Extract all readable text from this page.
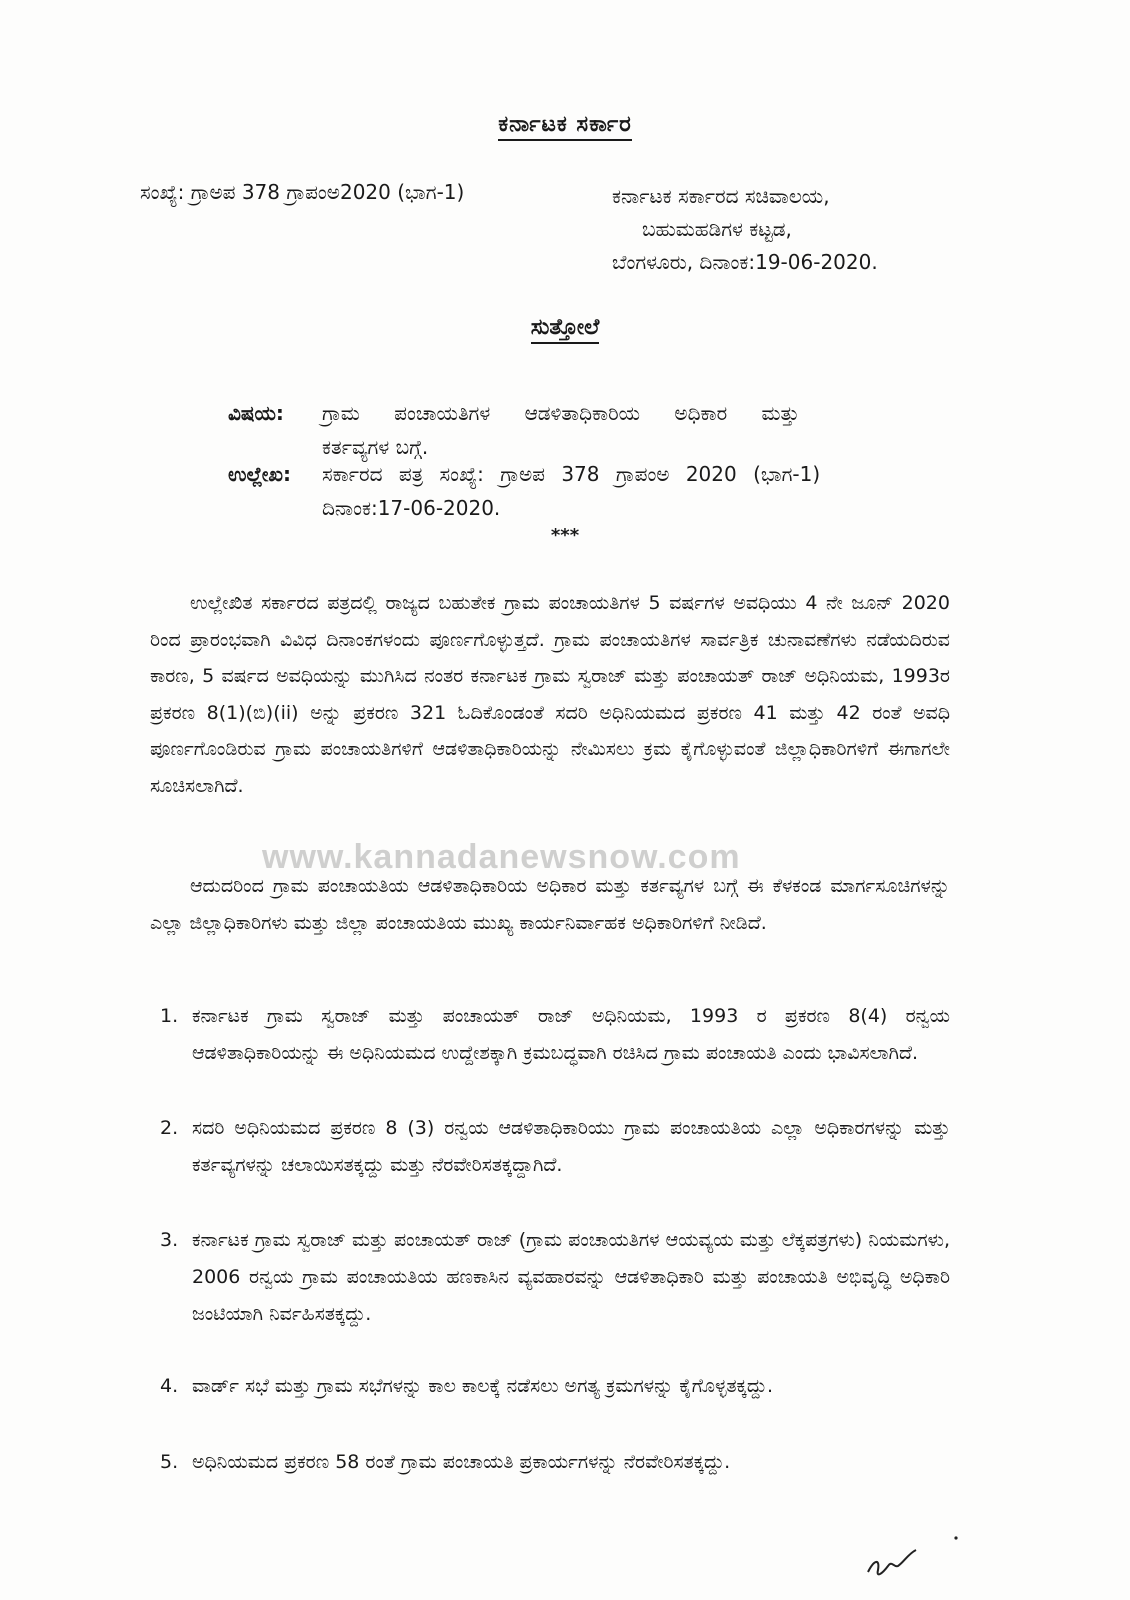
ಕರ್ನಾಟಕ ಸರ್ಕಾರ
ಸಂಖ್ಯೆ: ಗ್ರಾಅಪ 378 ಗ್ರಾಪಂಅ2020 (ಭಾಗ-1)	ಕರ್ನಾಟಕ ಸರ್ಕಾರದ ಸಚಿವಾಲಯ,
ಬಹುಮಹಡಿಗಳ ಕಟ್ಟಡ,
ಬೆಂಗಳೂರು, ದಿನಾಂಕ:19-06-2020.
ಸುತ್ತೋಲೆ
ವಿಷಯ: ಗ್ರಾಮ ಪಂಚಾಯತಿಗಳ ಆಡಳಿತಾಧಿಕಾರಿಯ ಅಧಿಕಾರ ಮತ್ತು
ಕರ್ತವ್ಯಗಳ ಬಗ್ಗೆ.
ಉಲ್ಲೇಖ: ಸರ್ಕಾರದ ಪತ್ರ ಸಂಖ್ಯೆ: ಗ್ರಾಅಪ 378 ಗ್ರಾಪಂಅ 2020 (ಭಾಗ-1)
ದಿನಾಂಕ:17-06-2020.
***
ಉಲ್ಲೇಖಿತ ಸರ್ಕಾರದ ಪತ್ರದಲ್ಲಿ ರಾಜ್ಯದ ಬಹುತೇಕ ಗ್ರಾಮ ಪಂಚಾಯತಿಗಳ 5 ವರ್ಷಗಳ ಅವಧಿಯು 4 ನೇ ಜೂನ್ 2020 ರಿಂದ ಪ್ರಾರಂಭವಾಗಿ ವಿವಿಧ ದಿನಾಂಕಗಳಂದು ಪೂರ್ಣಗೊಳ್ಳುತ್ತದೆ. ಗ್ರಾಮ ಪಂಚಾಯತಿಗಳ ಸಾರ್ವತ್ರಿಕ ಚುನಾವಣೆಗಳು ನಡೆಯದಿರುವ ಕಾರಣ, 5 ವರ್ಷದ ಅವಧಿಯನ್ನು ಮುಗಿಸಿದ ನಂತರ ಕರ್ನಾಟಕ ಗ್ರಾಮ ಸ್ವರಾಜ್ ಮತ್ತು ಪಂಚಾಯತ್ ರಾಜ್ ಅಧಿನಿಯಮ, 1993ರ ಪ್ರಕರಣ 8(1)(ಬಿ)(ii) ಅನ್ನು ಪ್ರಕರಣ 321 ಓದಿಕೊಂಡಂತೆ ಸದರಿ ಅಧಿನಿಯಮದ ಪ್ರಕರಣ 41 ಮತ್ತು 42 ರಂತೆ ಅವಧಿ ಪೂರ್ಣಗೊಂಡಿರುವ ಗ್ರಾಮ ಪಂಚಾಯತಿಗಳಿಗೆ ಆಡಳಿತಾಧಿಕಾರಿಯನ್ನು ನೇಮಿಸಲು ಕ್ರಮ ಕೈಗೊಳ್ಳುವಂತೆ ಜಿಲ್ಲಾಧಿಕಾರಿಗಳಿಗೆ ಈಗಾಗಲೇ ಸೂಚಿಸಲಾಗಿದೆ.
www.kannadanewsnow.com
ಆದುದರಿಂದ ಗ್ರಾಮ ಪಂಚಾಯತಿಯ ಆಡಳಿತಾಧಿಕಾರಿಯ ಅಧಿಕಾರ ಮತ್ತು ಕರ್ತವ್ಯಗಳ ಬಗ್ಗೆ ಈ ಕೆಳಕಂಡ ಮಾರ್ಗಸೂಚಿಗಳನ್ನು ಎಲ್ಲಾ ಜಿಲ್ಲಾಧಿಕಾರಿಗಳು ಮತ್ತು ಜಿಲ್ಲಾ ಪಂಚಾಯತಿಯ ಮುಖ್ಯ ಕಾರ್ಯನಿರ್ವಾಹಕ ಅಧಿಕಾರಿಗಳಿಗೆ ನೀಡಿದೆ.
1. ಕರ್ನಾಟಕ ಗ್ರಾಮ ಸ್ವರಾಜ್ ಮತ್ತು ಪಂಚಾಯತ್ ರಾಜ್ ಅಧಿನಿಯಮ, 1993 ರ ಪ್ರಕರಣ 8(4) ರನ್ವಯ ಆಡಳಿತಾಧಿಕಾರಿಯನ್ನು ಈ ಅಧಿನಿಯಮದ ಉದ್ದೇಶಕ್ಕಾಗಿ ಕ್ರಮಬದ್ಧವಾಗಿ ರಚಿಸಿದ ಗ್ರಾಮ ಪಂಚಾಯತಿ ಎಂದು ಭಾವಿಸಲಾಗಿದೆ.
2. ಸದರಿ ಅಧಿನಿಯಮದ ಪ್ರಕರಣ 8 (3) ರನ್ವಯ ಆಡಳಿತಾಧಿಕಾರಿಯು ಗ್ರಾಮ ಪಂಚಾಯತಿಯ ಎಲ್ಲಾ ಅಧಿಕಾರಗಳನ್ನು ಮತ್ತು ಕರ್ತವ್ಯಗಳನ್ನು ಚಲಾಯಿಸತಕ್ಕದ್ದು ಮತ್ತು ನೆರವೇರಿಸತಕ್ಕದ್ದಾಗಿದೆ.
3. ಕರ್ನಾಟಕ ಗ್ರಾಮ ಸ್ವರಾಜ್ ಮತ್ತು ಪಂಚಾಯತ್ ರಾಜ್ (ಗ್ರಾಮ ಪಂಚಾಯತಿಗಳ ಆಯವ್ಯಯ ಮತ್ತು ಲೆಕ್ಕಪತ್ರಗಳು) ನಿಯಮಗಳು, 2006 ರನ್ವಯ ಗ್ರಾಮ ಪಂಚಾಯತಿಯ ಹಣಕಾಸಿನ ವ್ಯವಹಾರವನ್ನು ಆಡಳಿತಾಧಿಕಾರಿ ಮತ್ತು ಪಂಚಾಯತಿ ಅಭಿವೃದ್ಧಿ ಅಧಿಕಾರಿ ಜಂಟಿಯಾಗಿ ನಿರ್ವಹಿಸತಕ್ಕದ್ದು.
4. ವಾರ್ಡ್ ಸಭೆ ಮತ್ತು ಗ್ರಾಮ ಸಭೆಗಳನ್ನು ಕಾಲ ಕಾಲಕ್ಕೆ ನಡೆಸಲು ಅಗತ್ಯ ಕ್ರಮಗಳನ್ನು ಕೈಗೊಳ್ಳತಕ್ಕದ್ದು.
5. ಅಧಿನಿಯಮದ ಪ್ರಕರಣ 58 ರಂತೆ ಗ್ರಾಮ ಪಂಚಾಯತಿ ಪ್ರಕಾರ್ಯಗಳನ್ನು ನೆರವೇರಿಸತಕ್ಕದ್ದು.
